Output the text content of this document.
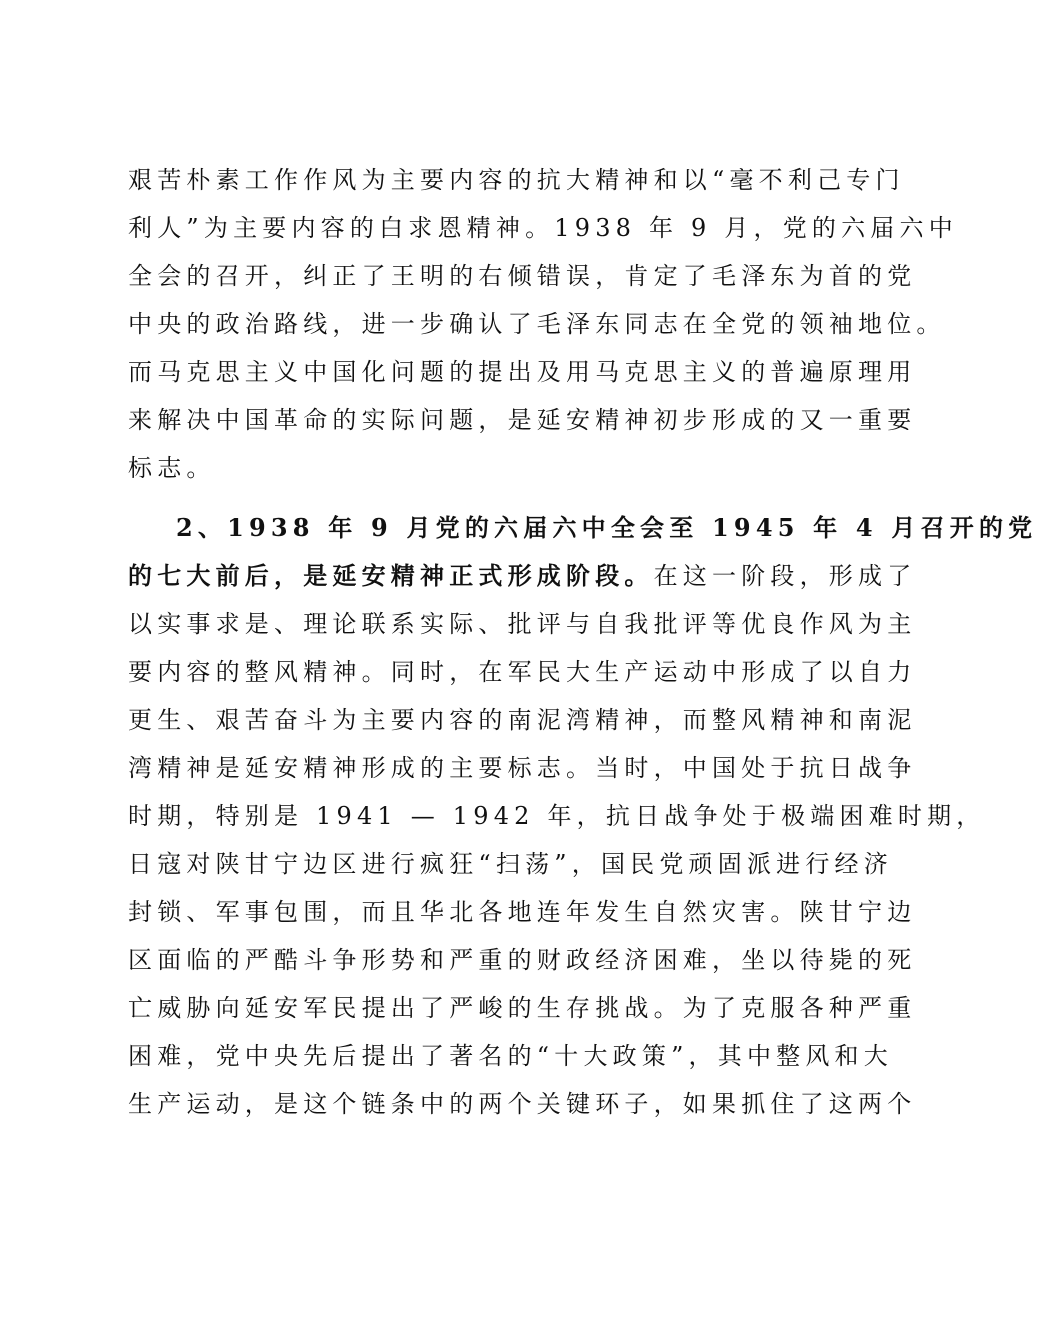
艰苦朴素工作作风为主要内容的抗大精神和以“毫不利己专门
利人”为主要内容的白求恩精神。1938 年 9 月，党的六届六中
全会的召开，纠正了王明的右倾错误，肯定了毛泽东为首的党
中央的政治路线，进一步确认了毛泽东同志在全党的领袖地位。
而马克思主义中国化问题的提出及用马克思主义的普遍原理用
来解决中国革命的实际问题，是延安精神初步形成的又一重要
标志。
2、1938 年 9 月党的六届六中全会至 1945 年 4 月召开的党
的七大前后，是延安精神正式形成阶段。在这一阶段，形成了
以实事求是、理论联系实际、批评与自我批评等优良作风为主
要内容的整风精神。同时，在军民大生产运动中形成了以自力
更生、艰苦奋斗为主要内容的南泥湾精神，而整风精神和南泥
湾精神是延安精神形成的主要标志。当时，中国处于抗日战争
时期，特别是 1941 — 1942 年，抗日战争处于极端困难时期，
日寇对陕甘宁边区进行疯狂“扫荡”，国民党顽固派进行经济
封锁、军事包围，而且华北各地连年发生自然灾害。陕甘宁边
区面临的严酷斗争形势和严重的财政经济困难，坐以待毙的死
亡威胁向延安军民提出了严峻的生存挑战。为了克服各种严重
困难，党中央先后提出了著名的“十大政策”，其中整风和大
生产运动，是这个链条中的两个关键环子，如果抓住了这两个
